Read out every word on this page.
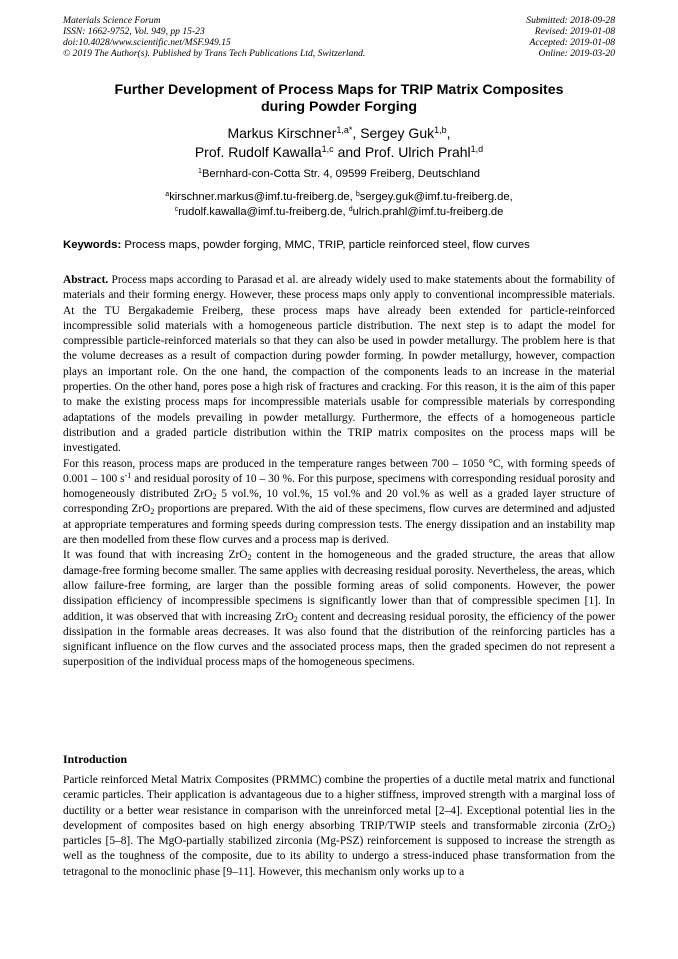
Materials Science Forum
ISSN: 1662-9752, Vol. 949, pp 15-23
doi:10.4028/www.scientific.net/MSF.949.15
© 2019 The Author(s). Published by Trans Tech Publications Ltd, Switzerland.
Submitted: 2018-09-28
Revised: 2019-01-08
Accepted: 2019-01-08
Online: 2019-03-20
Further Development of Process Maps for TRIP Matrix Composites
during Powder Forging
Markus Kirschner$^{1,a*}$, Sergey Guk$^{1,b}$,
Prof. Rudolf Kawalla$^{1,c}$ and Prof. Ulrich Prahl$^{1,d}$
$^1$Bernhard-con-Cotta Str. 4, 09599 Freiberg, Deutschland
$^a$kirschner.markus@imf.tu-freiberg.de, $^b$sergey.guk@imf.tu-freiberg.de,
$^c$rudolf.kawalla@imf.tu-freiberg.de, $^d$ulrich.prahl@imf.tu-freiberg.de
Keywords: Process maps, powder forging, MMC, TRIP, particle reinforced steel, flow curves

Abstract. Process maps according to Parasad et al. are already widely used to make statements about the formability of materials and their forming energy. However, these process maps only apply to conventional incompressible materials. At the TU Bergakademie Freiberg, these process maps have already been extended for particle-reinforced incompressible solid materials with a homogeneous particle distribution. The next step is to adapt the model for compressible particle-reinforced materials so that they can also be used in powder metallurgy. The problem here is that the volume decreases as a result of compaction during powder forming. In powder metallurgy, however, compaction plays an important role. On the one hand, the compaction of the components leads to an increase in the material properties. On the other hand, pores pose a high risk of fractures and cracking. For this reason, it is the aim of this paper to make the existing process maps for incompressible materials usable for compressible materials by corresponding adaptations of the models prevailing in powder metallurgy. Furthermore, the effects of a homogeneous particle distribution and a graded particle distribution within the TRIP matrix composites on the process maps will be investigated.

For this reason, process maps are produced in the temperature ranges between 700 – 1050 °C, with forming speeds of 0.001 – 100 $s^{-1}$ and residual porosity of 10 – 30 %. For this purpose, specimens with corresponding residual porosity and homogeneously distributed ZrO$_2$ 5 vol.%, 10 vol.%, 15 vol.% and 20 vol.% as well as a graded layer structure of corresponding ZrO$_2$ proportions are prepared. With the aid of these specimens, flow curves are determined and adjusted at appropriate temperatures and forming speeds during compression tests. The energy dissipation and an instability map are then modelled from these flow curves and a process map is derived.

It was found that with increasing ZrO$_2$ content in the homogeneous and the graded structure, the areas that allow damage-free forming become smaller. The same applies with decreasing residual porosity. Nevertheless, the areas, which allow failure-free forming, are larger than the possible forming areas of solid components. However, the power dissipation efficiency of incompressible specimens is significantly lower than that of compressible specimen [1]. In addition, it was observed that with increasing ZrO$_2$ content and decreasing residual porosity, the efficiency of the power dissipation in the formable areas decreases. It was also found that the distribution of the reinforcing particles has a significant influence on the flow curves and the associated process maps, then the graded specimen do not represent a superposition of the individual process maps of the homogeneous specimens.

Introduction

Particle reinforced Metal Matrix Composites (PRMMC) combine the properties of a ductile metal matrix and functional ceramic particles. Their application is advantageous due to a higher stiffness, improved strength with a marginal loss of ductility or a better wear resistance in comparison with the unreinforced metal [2–4]. Exceptional potential lies in the development of composites based on high energy absorbing TRIP/TWIP steels and transformable zirconia (ZrO$_2$) particles [5–8]. The MgO-partially stabilized zirconia (Mg-PSZ) reinforcement is supposed to increase the strength as well as the toughness of the composite, due to its ability to undergo a stress-induced phase transformation from the tetragonal to the monoclinic phase [9–11]. However, this mechanism only works up to a
